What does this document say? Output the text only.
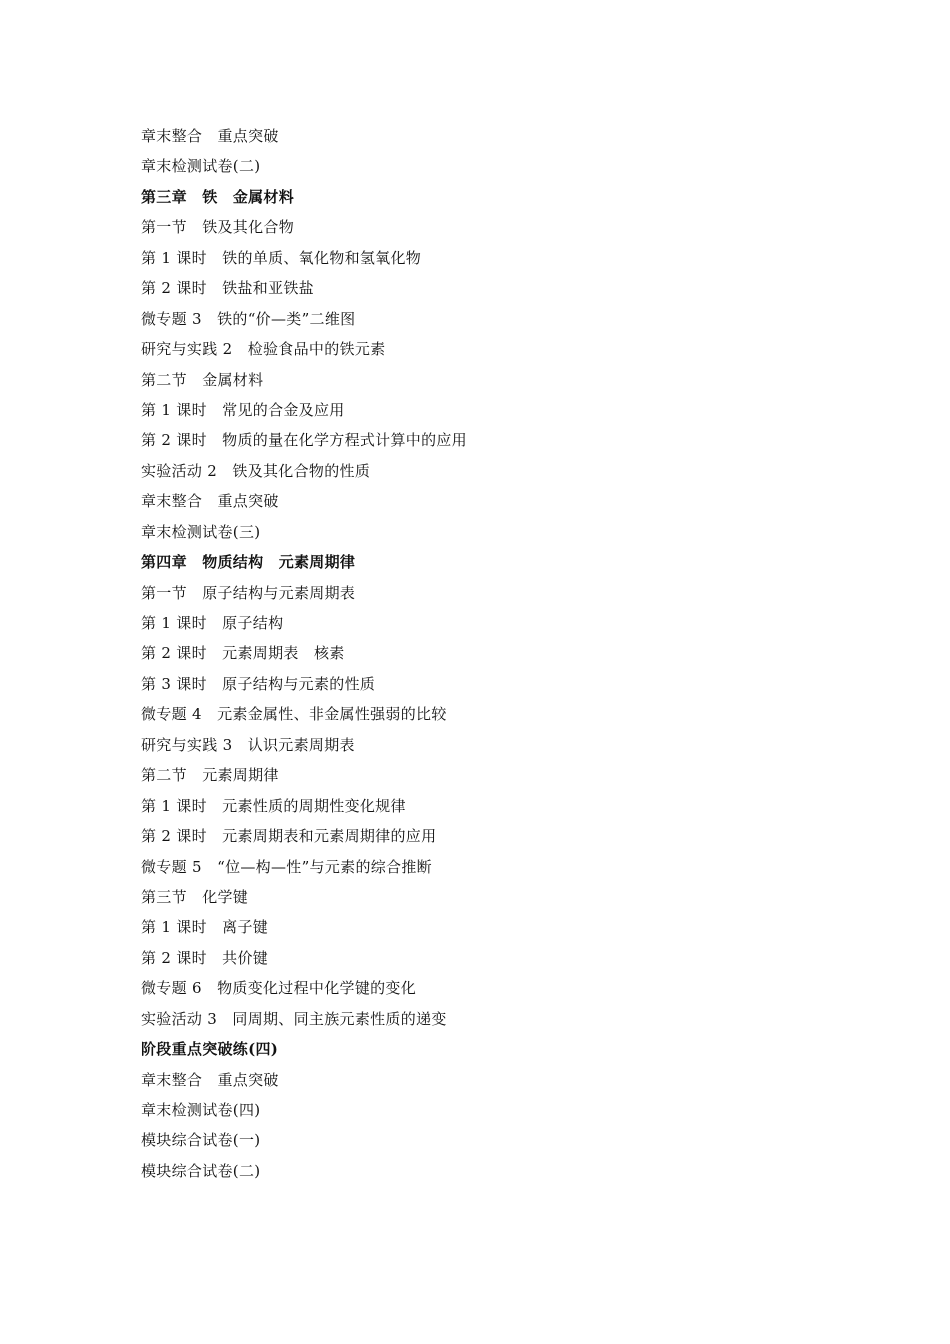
章末整合　重点突破
章末检测试卷(二)
第三章　铁　金属材料
第一节　铁及其化合物
第 1 课时　铁的单质、氧化物和氢氧化物
第 2 课时　铁盐和亚铁盐
微专题 3　铁的“价—类”二维图
研究与实践 2　检验食品中的铁元素
第二节　金属材料
第 1 课时　常见的合金及应用
第 2 课时　物质的量在化学方程式计算中的应用
实验活动 2　铁及其化合物的性质
章末整合　重点突破
章末检测试卷(三)
第四章　物质结构　元素周期律
第一节　原子结构与元素周期表
第 1 课时　原子结构
第 2 课时　元素周期表　核素
第 3 课时　原子结构与元素的性质
微专题 4　元素金属性、非金属性强弱的比较
研究与实践 3　认识元素周期表
第二节　元素周期律
第 1 课时　元素性质的周期性变化规律
第 2 课时　元素周期表和元素周期律的应用
微专题 5　“位—构—性”与元素的综合推断
第三节　化学键
第 1 课时　离子键
第 2 课时　共价键
微专题 6　物质变化过程中化学键的变化
实验活动 3　同周期、同主族元素性质的递变
阶段重点突破练(四)
章末整合　重点突破
章末检测试卷(四)
模块综合试卷(一)
模块综合试卷(二)
